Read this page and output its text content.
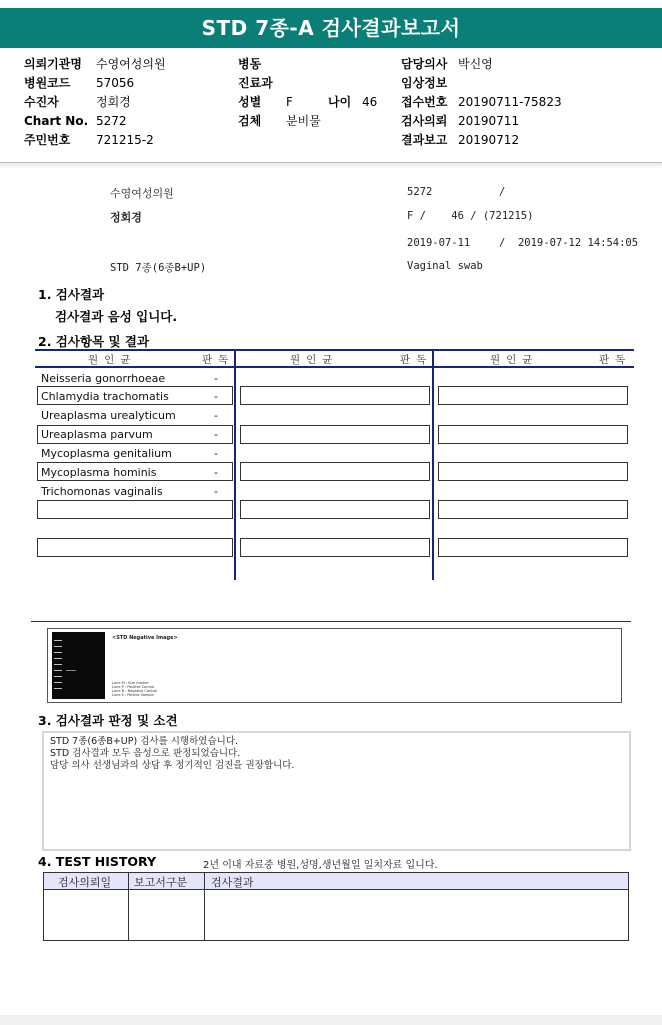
STD 7종-A 검사결과보고서
의뢰기관명 수영여성의원
병원코드 57056
수진자	정회경
Chart No. 5272
주민번호 721215-2
병동
진료과
성별 F	나이 46
검체 분비물
담당의사 박신영
임상정보
접수번호 20190711-75823
검사의뢰 20190711
결과보고 20190712
수영여성의원	5272	/
정회경	F /    46 / (721215)
2019-07-11	/  2019-07-12 14:54:05
STD 7종(6종B+UP)	Vaginal swab
1. 검사결과
검사결과 음성 입니다.
2. 검사항목 및 결과
원인균	판독	원인균	판독	원인균	판독
Neisseria gonorrhoeae	-
Chlamydia trachomatis	-
Ureaplasma urealyticum	-
Ureaplasma parvum	-
Mycoplasma genitalium	-
Mycoplasma hominis	-
Trichomonas vaginalis	-
<STD Negative Image>
Lane M : Size marker
Lane P : Positive Control
Lane N : Negative Control
Lane S : Patient Sample
3. 검사결과 판정 및 소견
STD 7종(6종B+UP) 검사를 시행하였습니다.
STD 검사결과 모두 음성으로 판정되었습니다.
담당 의사 선생님과의 상담 후 정기적인 검진을 권장합니다.
4. TEST HISTORY	2년 이내 자료중 병원,성명,생년월일 일치자료 입니다.
검사의뢰일 보고서구분 검사결과
